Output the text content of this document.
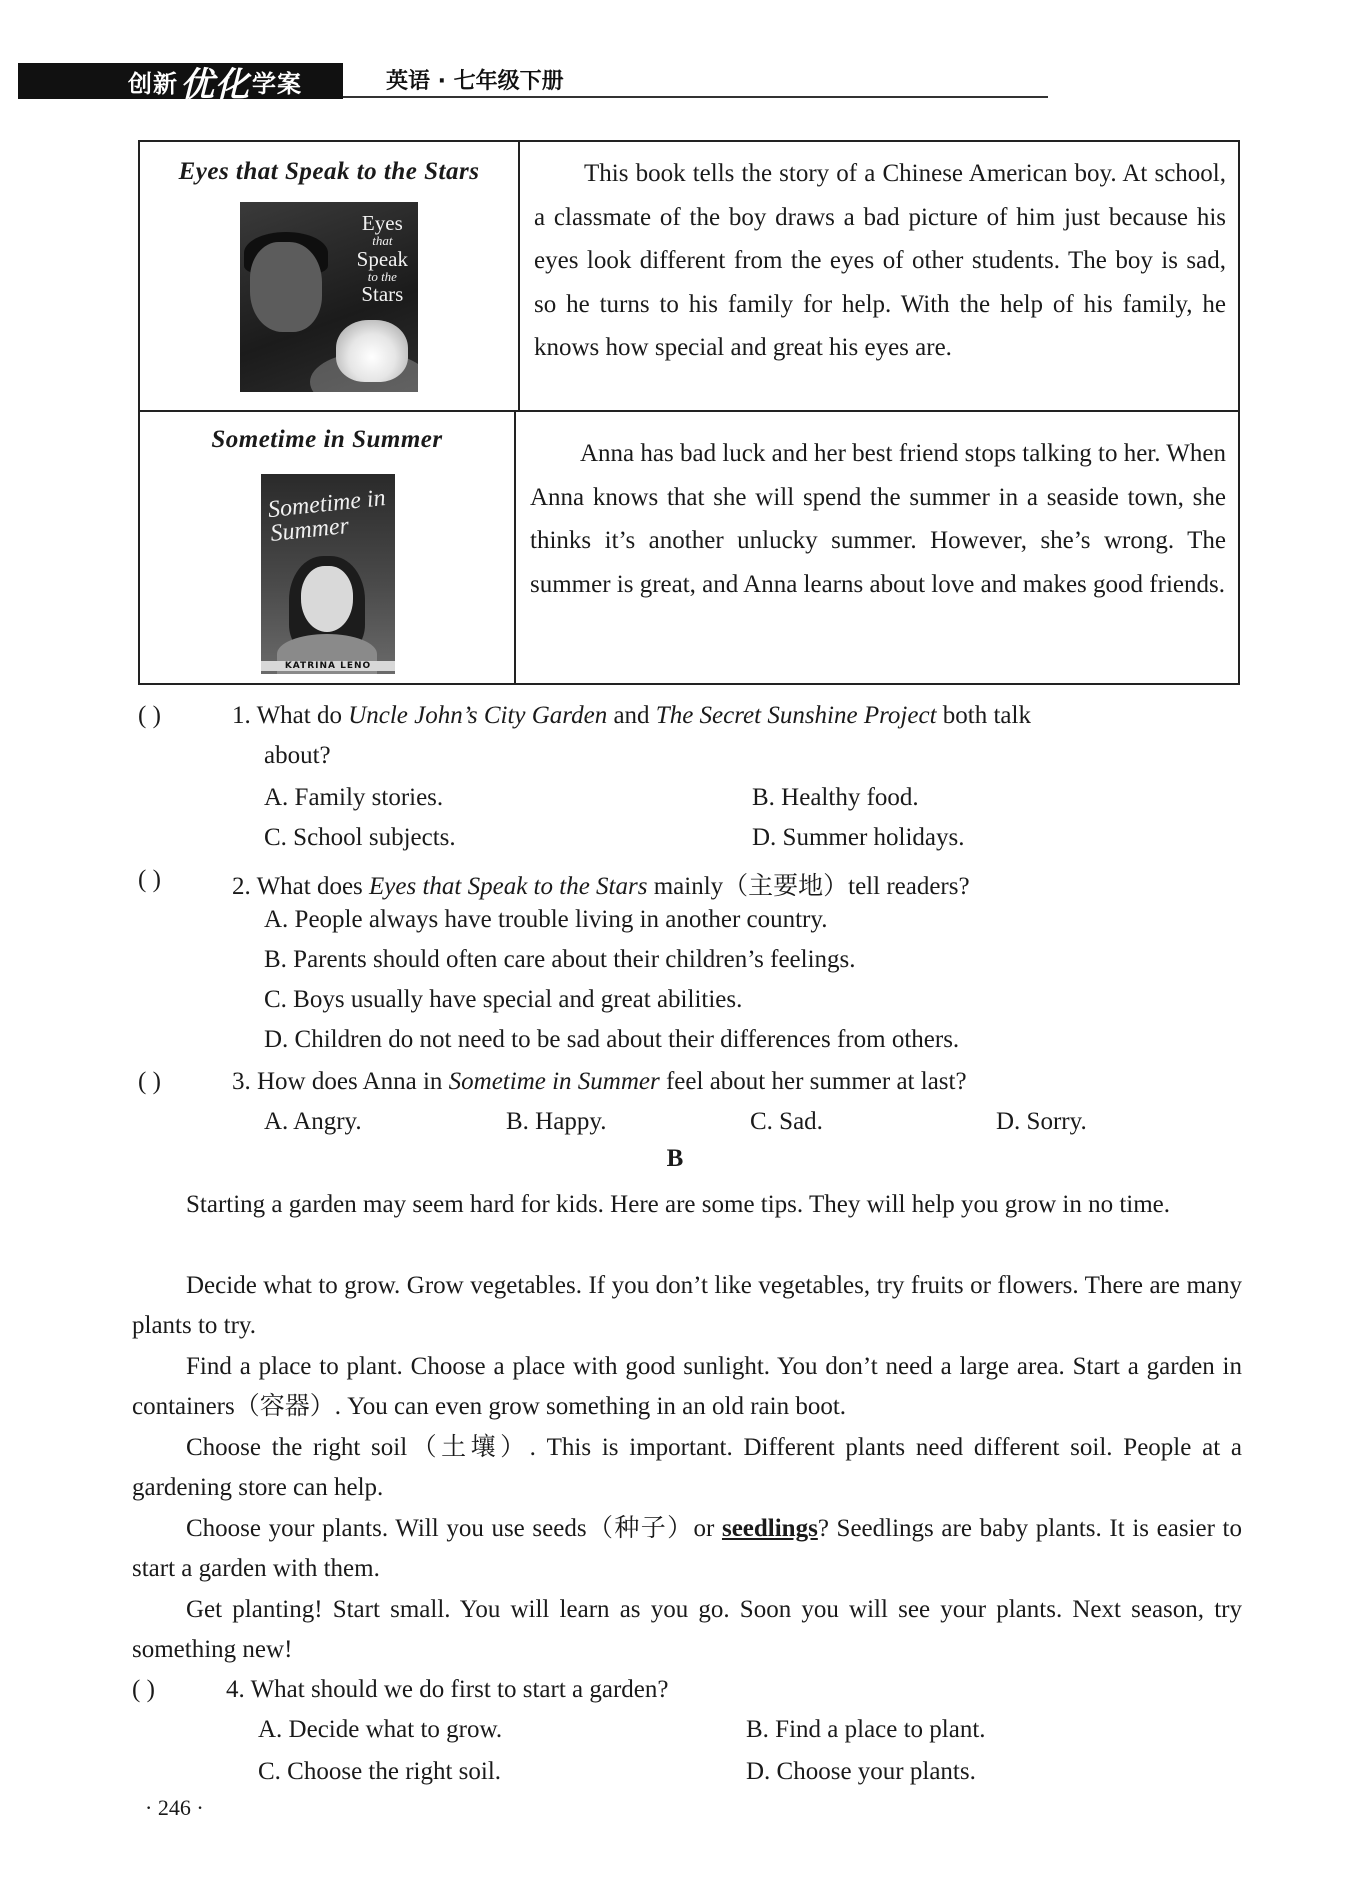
创新 优化 学案	英语 · 七年级下册
Eyes that Speak to the Stars
Eyes
that
Speak
to the
Stars

This book tells the story of a Chinese American boy. At school, a classmate of the boy draws a bad picture of him just because his eyes look different from the eyes of other students. The boy is sad, so he turns to his family for help. With the help of his family, he knows how special and great his eyes are.

Sometime in Summer
Sometime in
Summer
KATRINA LENO

Anna has bad luck and her best friend stops talking to her. When Anna knows that she will spend the summer in a seaside town, she thinks it’s another unlucky summer. However, she’s wrong. The summer is great, and Anna learns about love and makes good friends.

( )	1. What do Uncle John’s City Garden and The Secret Sunshine Project both talk
about?
A. Family stories.	B. Healthy food.
C. School subjects.	D. Summer holidays.
( )	2. What does Eyes that Speak to the Stars mainly（主要地）tell readers?
A. People always have trouble living in another country.
B. Parents should often care about their children’s feelings.
C. Boys usually have special and great abilities.
D. Children do not need to be sad about their differences from others.
( )	3. How does Anna in Sometime in Summer feel about her summer at last?
A. Angry.	B. Happy.	C. Sad.	D. Sorry.
B

Starting a garden may seem hard for kids. Here are some tips. They will help you grow in no time.

Decide what to grow. Grow vegetables. If you don’t like vegetables, try fruits or flowers. There are many plants to try.

Find a place to plant. Choose a place with good sunlight. You don’t need a large area. Start a garden in containers（容器）. You can even grow something in an old rain boot.

Choose the right soil（土壤）. This is important. Different plants need different soil. People at a gardening store can help.

Choose your plants. Will you use seeds（种子）or seedlings? Seedlings are baby plants. It is easier to start a garden with them.

Get planting! Start small. You will learn as you go. Soon you will see your plants. Next season, try something new!

( )	4. What should we do first to start a garden?
A. Decide what to grow.	B. Find a place to plant.
C. Choose the right soil.	D. Choose your plants.
· 246 ·
